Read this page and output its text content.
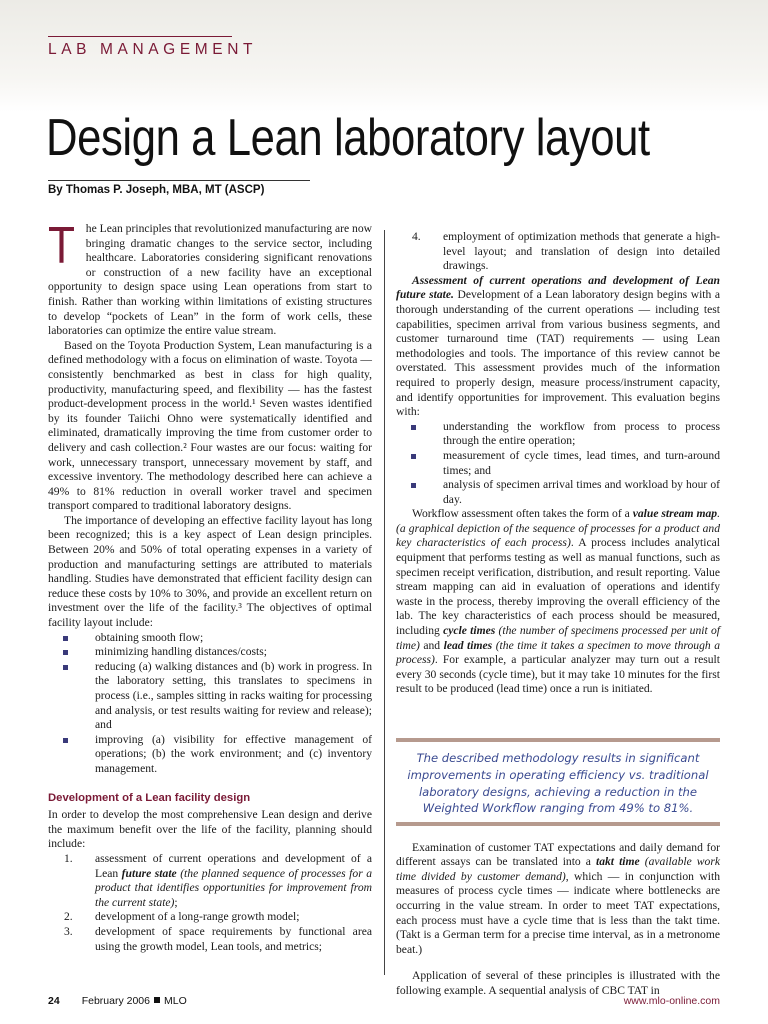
LAB MANAGEMENT
Design a Lean laboratory layout
By Thomas P. Joseph, MBA, MT (ASCP)

The Lean principles that revolutionized manufacturing are now bringing dramatic changes to the service sector, including healthcare. Laboratories considering significant renovations or construction of a new facility have an exceptional opportunity to design space using Lean operations from start to finish. Rather than working within limitations of existing structures to develop “pockets of Lean” in the form of work cells, these laboratories can optimize the entire value stream.

Based on the Toyota Production System, Lean manufacturing is a defined methodology with a focus on elimination of waste. Toyota — consistently benchmarked as best in class for high quality, productivity, manufacturing speed, and flexibility — has the fastest product-development process in the world.¹ Seven wastes identified by its founder Taiichi Ohno were systematically identified and eliminated, dramatically improving the time from customer order to delivery and cash collection.² Four wastes are our focus: waiting for work, unnecessary transport, unnecessary movement by staff, and excessive inventory. The methodology described here can achieve a 49% to 81% reduction in overall worker travel and specimen transport compared to traditional laboratory designs.

The importance of developing an effective facility layout has long been recognized; this is a key aspect of Lean design principles. Between 20% and 50% of total operating expenses in a variety of production and manufacturing settings are attributed to materials handling. Studies have demonstrated that efficient facility design can reduce these costs by 10% to 30%, and provide an excellent return on investment over the life of the facility.³ The objectives of optimal facility layout include:

obtaining smooth flow;
minimizing handling distances/costs;
reducing (a) walking distances and (b) work in progress. In the laboratory setting, this translates to specimens in process (i.e., samples sitting in racks waiting for processing and analysis, or test results waiting for review and release); and
improving (a) visibility for effective management of operations; (b) the work environment; and (c) inventory management.
Development of a Lean facility design

In order to develop the most comprehensive Lean design and derive the maximum benefit over the life of the facility, planning should include:

1. assessment of current operations and development of a Lean future state (the planned sequence of processes for a product that identifies opportunities for improvement from the current state);
2. development of a long-range growth model;
3. development of space requirements by functional area using the growth model, Lean tools, and metrics;
4. employment of optimization methods that generate a high-level layout; and translation of design into detailed drawings.

Assessment of current operations and development of Lean future state. Development of a Lean laboratory design begins with a thorough understanding of the current operations — including test capabilities, specimen arrival from various business segments, and customer turnaround time (TAT) requirements — using Lean methodologies and tools. The importance of this review cannot be overstated. This assessment provides much of the information required to properly design, measure process/instrument capacity, and identify opportunities for improvement. This evaluation begins with:

understanding the workflow from process to process through the entire operation;
measurement of cycle times, lead times, and turn-around times; and
analysis of specimen arrival times and workload by hour of day.

Workflow assessment often takes the form of a value stream map. (a graphical depiction of the sequence of processes for a product and key characteristics of each process). A process includes analytical equipment that performs testing as well as manual functions, such as specimen receipt verification, distribution, and result reporting. Value stream mapping can aid in evaluation of operations and identify waste in the process, thereby improving the overall efficiency of the lab. The key characteristics of each process should be measured, including cycle times (the number of specimens processed per unit of time) and lead times (the time it takes a specimen to move through a process). For example, a particular analyzer may turn out a result every 30 seconds (cycle time), but it may take 10 minutes for the first result to be produced (lead time) once a run is initiated.

The described methodology results in significant improvements in operating efficiency vs. traditional laboratory designs, achieving a reduction in the Weighted Workflow ranging from 49% to 81%.

Examination of customer TAT expectations and daily demand for different assays can be translated into a takt time (available work time divided by customer demand), which — in conjunction with measures of process cycle times — indicate where bottlenecks are occurring in the value stream. In order to meet TAT expectations, each process must have a cycle time that is less than the takt time. (Takt is a German term for a precise time interval, as in a metronome beat.)

Application of several of these principles is illustrated with the following example. A sequential analysis of CBC TAT in

24 February 2006 MLO	www.mlo-online.com
